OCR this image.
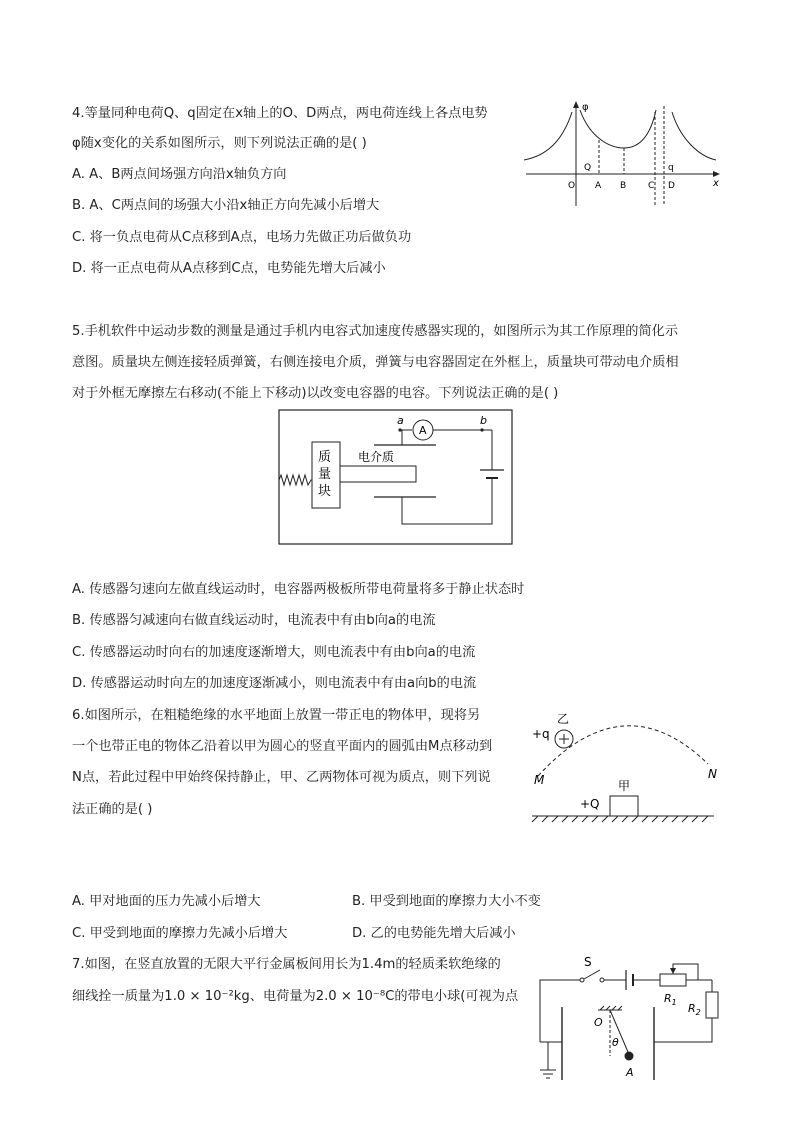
4.等量同种电荷Q、q固定在x轴上的O、D两点，两电荷连线上各点电势
φ随x变化的关系如图所示，则下列说法正确的是( )
A. A、B两点间场强方向沿x轴负方向
B. A、C两点间的场强大小沿x轴正方向先减小后增大
C. 将一负点电荷从C点移到A点，电场力先做正功后做负功
D. 将一正点电荷从A点移到C点，电势能先增大后减小
φ
x
Q	q
O A B C D
5.手机软件中运动步数的测量是通过手机内电容式加速度传感器实现的，如图所示为其工作原理的简化示
意图。质量块左侧连接轻质弹簧，右侧连接电介质，弹簧与电容器固定在外框上，质量块可带动电介质相
对于外框无摩擦左右移动(不能上下移动)以改变电容器的电容。下列说法正确的是( )
质
量
块
电介质
A
a	b
A. 传感器匀速向左做直线运动时，电容器两极板所带电荷量将多于静止状态时
B. 传感器匀减速向右做直线运动时，电流表中有由b向a的电流
C. 传感器运动时向右的加速度逐渐增大，则电流表中有由b向a的电流
D. 传感器运动时向左的加速度逐渐减小，则电流表中有由a向b的电流
6.如图所示，在粗糙绝缘的水平地面上放置一带正电的物体甲，现将另
一个也带正电的物体乙沿着以甲为圆心的竖直平面内的圆弧由M点移动到
N点，若此过程中甲始终保持静止，甲、乙两物体可视为质点，则下列说
法正确的是( )
乙
+q
M	N
甲
+Q
A. 甲对地面的压力先减小后增大	B. 甲受到地面的摩擦力大小不变
C. 甲受到地面的摩擦力先减小后增大	D. 乙的电势能先增大后减小
7.如图，在竖直放置的无限大平行金属板间用长为1.4m的轻质柔软绝缘的
细线拴一质量为1.0 × 10⁻²kg、电荷量为2.0 × 10⁻⁸C的带电小球(可视为点
S
$R_1$ $R_2$
O
θ
A
